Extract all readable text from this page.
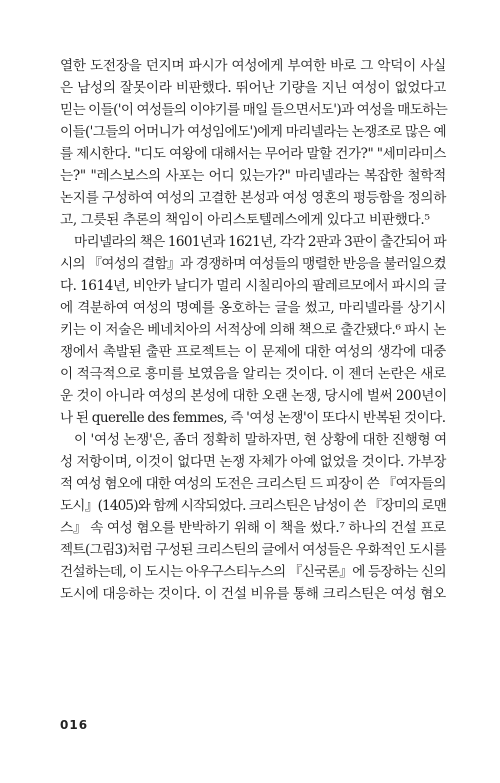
열한 도전장을 던지며 파시가 여성에게 부여한 바로 그 악덕이 사실
은 남성의 잘못이라 비판했다. 뛰어난 기량을 지닌 여성이 없었다고
믿는 이들('이 여성들의 이야기를 매일 들으면서도')과 여성을 매도하는
이들('그들의 어머니가 여성임에도')에게 마리넬라는 논쟁조로 많은 예
를 제시한다. "디도 여왕에 대해서는 무어라 말할 건가?" "세미라미스
는?" "레스보스의 사포는 어디 있는가?" 마리넬라는 복잡한 철학적
논지를 구성하여 여성의 고결한 본성과 여성 영혼의 평등함을 정의하
고, 그릇된 추론의 책임이 아리스토텔레스에게 있다고 비판했다.⁵
마리넬라의 책은 1601년과 1621년, 각각 2판과 3판이 출간되어 파
시의 『여성의 결함』과 경쟁하며 여성들의 맹렬한 반응을 불러일으켰
다. 1614년, 비안카 날디가 멀리 시칠리아의 팔레르모에서 파시의 글
에 격분하여 여성의 명예를 옹호하는 글을 썼고, 마리넬라를 상기시
키는 이 저술은 베네치아의 서적상에 의해 책으로 출간됐다.⁶ 파시 논
쟁에서 촉발된 출판 프로젝트는 이 문제에 대한 여성의 생각에 대중
이 적극적으로 흥미를 보였음을 알리는 것이다. 이 젠더 논란은 새로
운 것이 아니라 여성의 본성에 대한 오랜 논쟁, 당시에 벌써 200년이
나 된 querelle des femmes, 즉 '여성 논쟁'이 또다시 반복된 것이다.
이 '여성 논쟁'은, 좀더 정확히 말하자면, 현 상황에 대한 진행형 여
성 저항이며, 이것이 없다면 논쟁 자체가 아예 없었을 것이다. 가부장
적 여성 혐오에 대한 여성의 도전은 크리스틴 드 피장이 쓴 『여자들의
도시』(1405)와 함께 시작되었다. 크리스틴은 남성이 쓴 『장미의 로맨
스』 속 여성 혐오를 반박하기 위해 이 책을 썼다.⁷ 하나의 건설 프로
젝트(그림3)처럼 구성된 크리스틴의 글에서 여성들은 우화적인 도시를
건설하는데, 이 도시는 아우구스티누스의 『신국론』에 등장하는 신의
도시에 대응하는 것이다. 이 건설 비유를 통해 크리스틴은 여성 혐오
016
